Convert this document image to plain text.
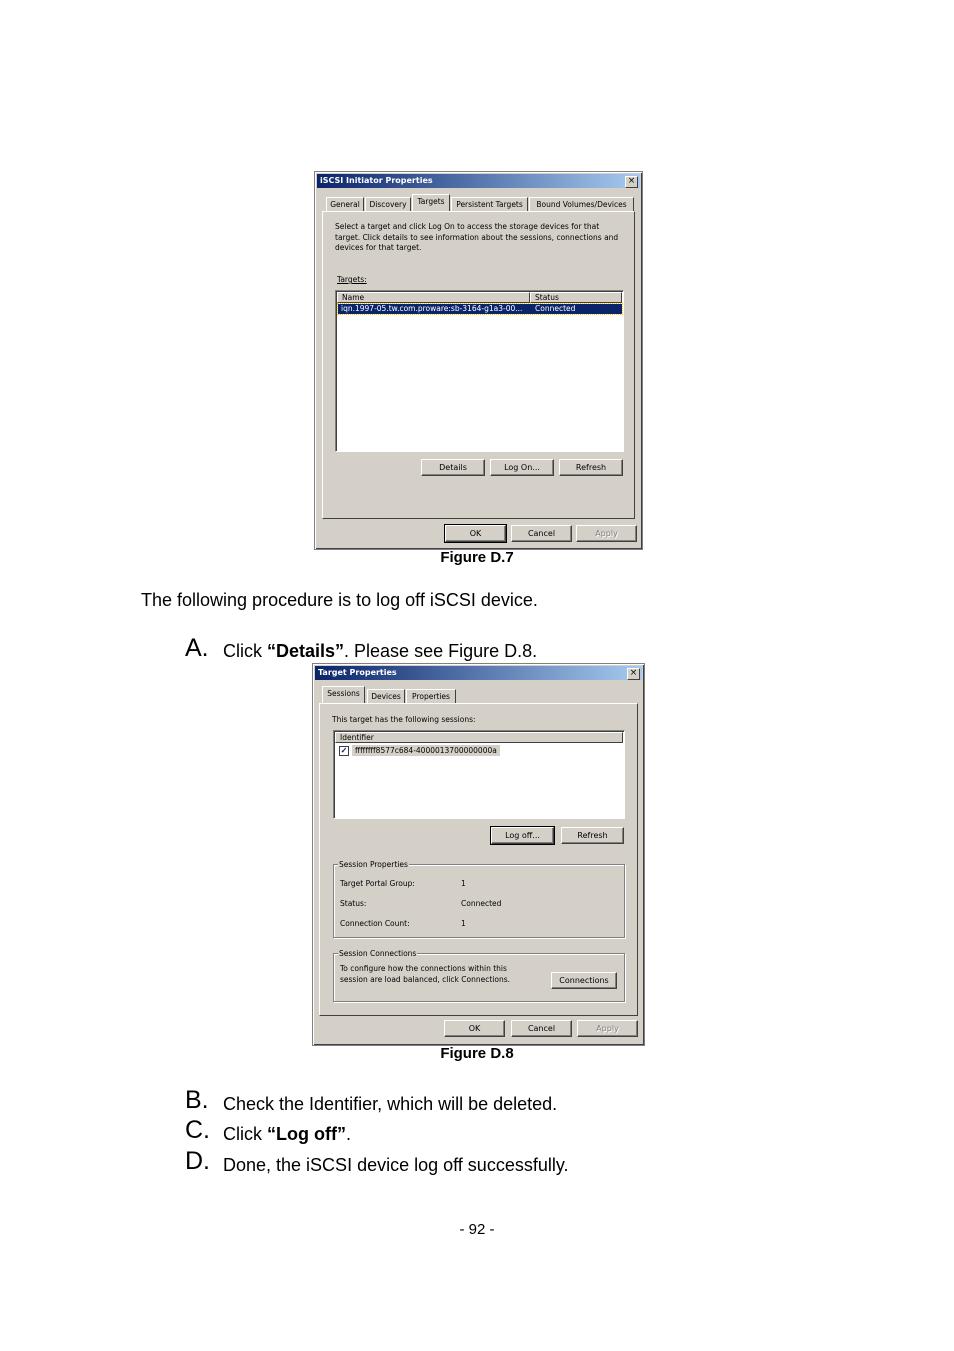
iSCSI Initiator Properties	×
General	Discovery	Targets	Persistent Targets	Bound Volumes/Devices
Select a target and click Log On to access the storage devices for that target. Click details to see information about the sessions, connections and devices for that target.
Targets:
Name	Status
iqn.1997-05.tw.com.proware:sb-3164-g1a3-00... Connected
Details	Log On...	Refresh
OK	Cancel	Apply
Figure D.7
The following procedure is to log off iSCSI device.
A. Click “Details”. Please see Figure D.8.
Target Properties	×
Sessions	Devices	Properties
This target has the following sessions:
Identifier
✓	ffffffff8577c684-4000013700000000a
Log off...	Refresh
Session Properties
Target Portal Group:	1
Status:	Connected
Connection Count:	1
Session Connections
To configure how the connections within this session are load balanced, click Connections.	Connections
OK	Cancel	Apply
Figure D.8
B. Check the Identifier, which will be deleted.
C. Click “Log off”.
D. Done, the iSCSI device log off successfully.
- 92 -
